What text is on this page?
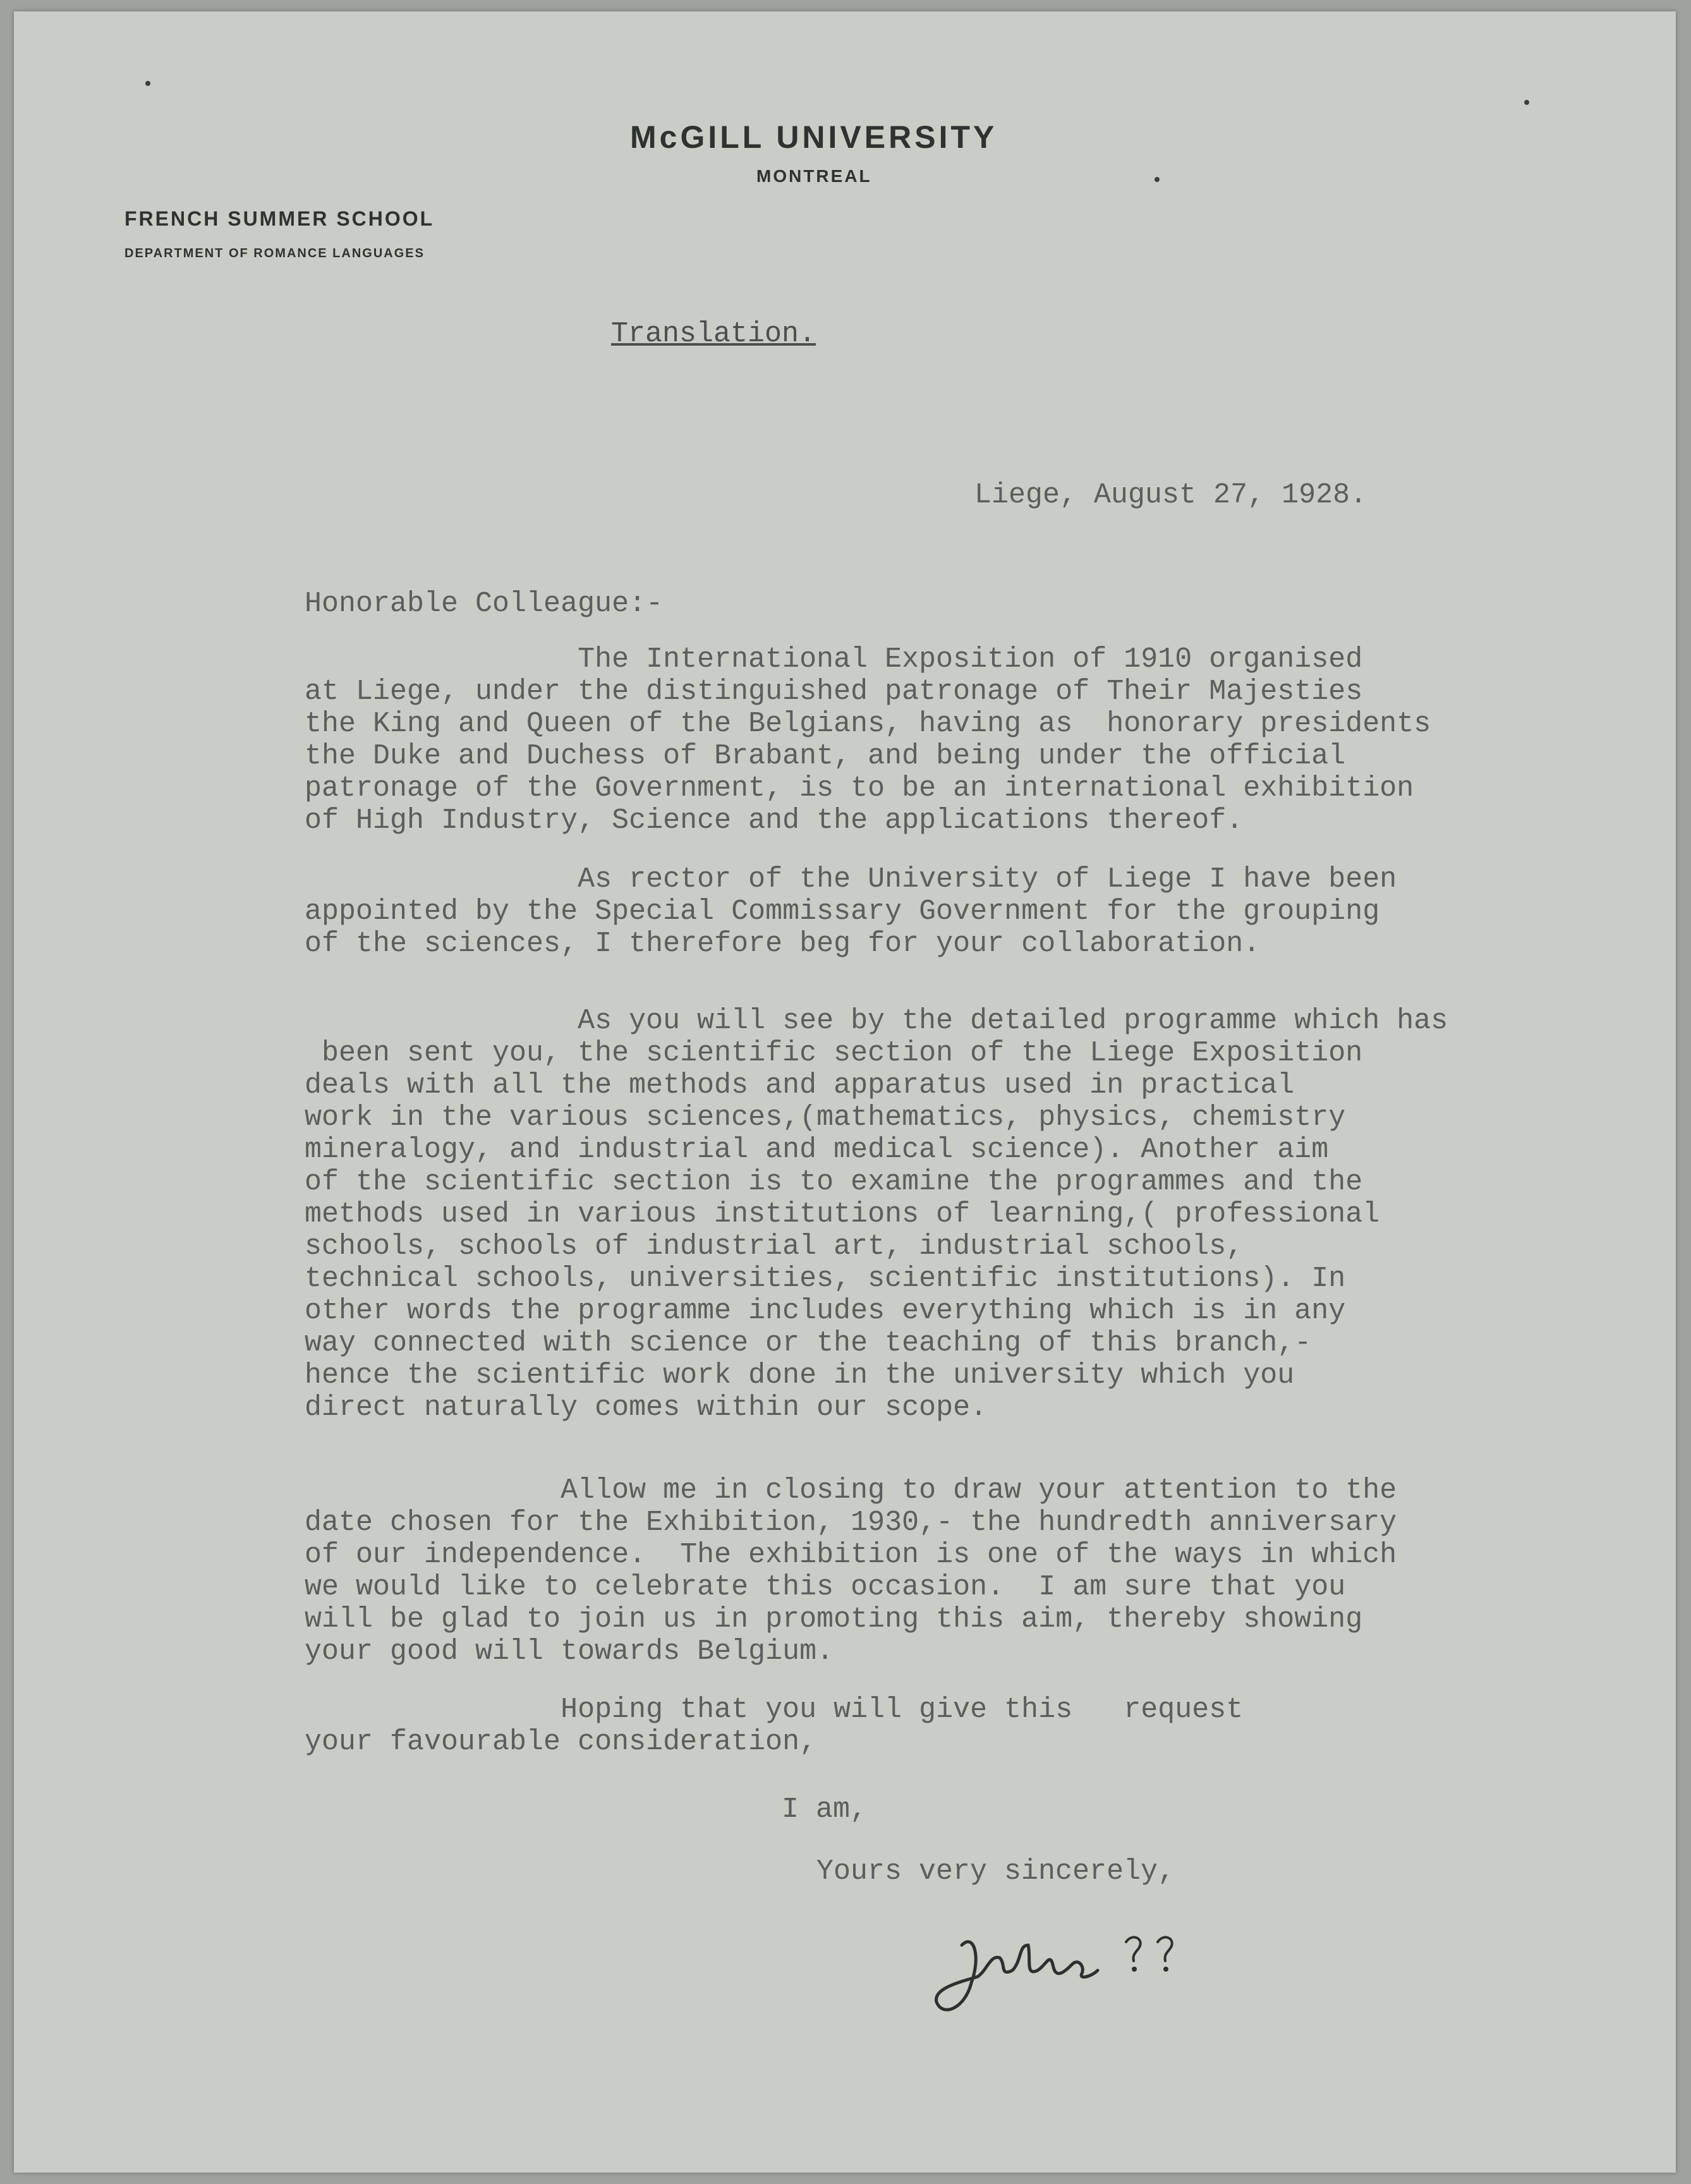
McGILL UNIVERSITY
MONTREAL
FRENCH SUMMER SCHOOL
DEPARTMENT OF ROMANCE LANGUAGES
Translation.
Liege, August 27, 1928.
Honorable Colleague:-

The International Exposition of 1910 organised
at Liege, under the distinguished patronage of Their Majesties
the King and Queen of the Belgians, having as  honorary presidents
the Duke and Duchess of Brabant, and being under the official
patronage of the Government, is to be an international exhibition
of High Industry, Science and the applications thereof.

As rector of the University of Liege I have been
appointed by the Special Commissary Government for the grouping
of the sciences, I therefore beg for your collaboration.

As you will see by the detailed programme which has
been sent you, the scientific section of the Liege Exposition
deals with all the methods and apparatus used in practical
work in the various sciences,(mathematics, physics, chemistry
mineralogy, and industrial and medical science). Another aim
of the scientific section is to examine the programmes and the
methods used in various institutions of learning,( professional
schools, schools of industrial art, industrial schools,
technical schools, universities, scientific institutions). In
other words the programme includes everything which is in any
way connected with science or the teaching of this branch,-
hence the scientific work done in the university which you
direct naturally comes within our scope.

Allow me in closing to draw your attention to the
date chosen for the Exhibition, 1930,- the hundredth anniversary
of our independence.  The exhibition is one of the ways in which
we would like to celebrate this occasion.  I am sure that you
will be glad to join us in promoting this aim, thereby showing
your good will towards Belgium.

Hoping that you will give this   request
your favourable consideration,

I am,
Yours very sincerely,
Jules ??
